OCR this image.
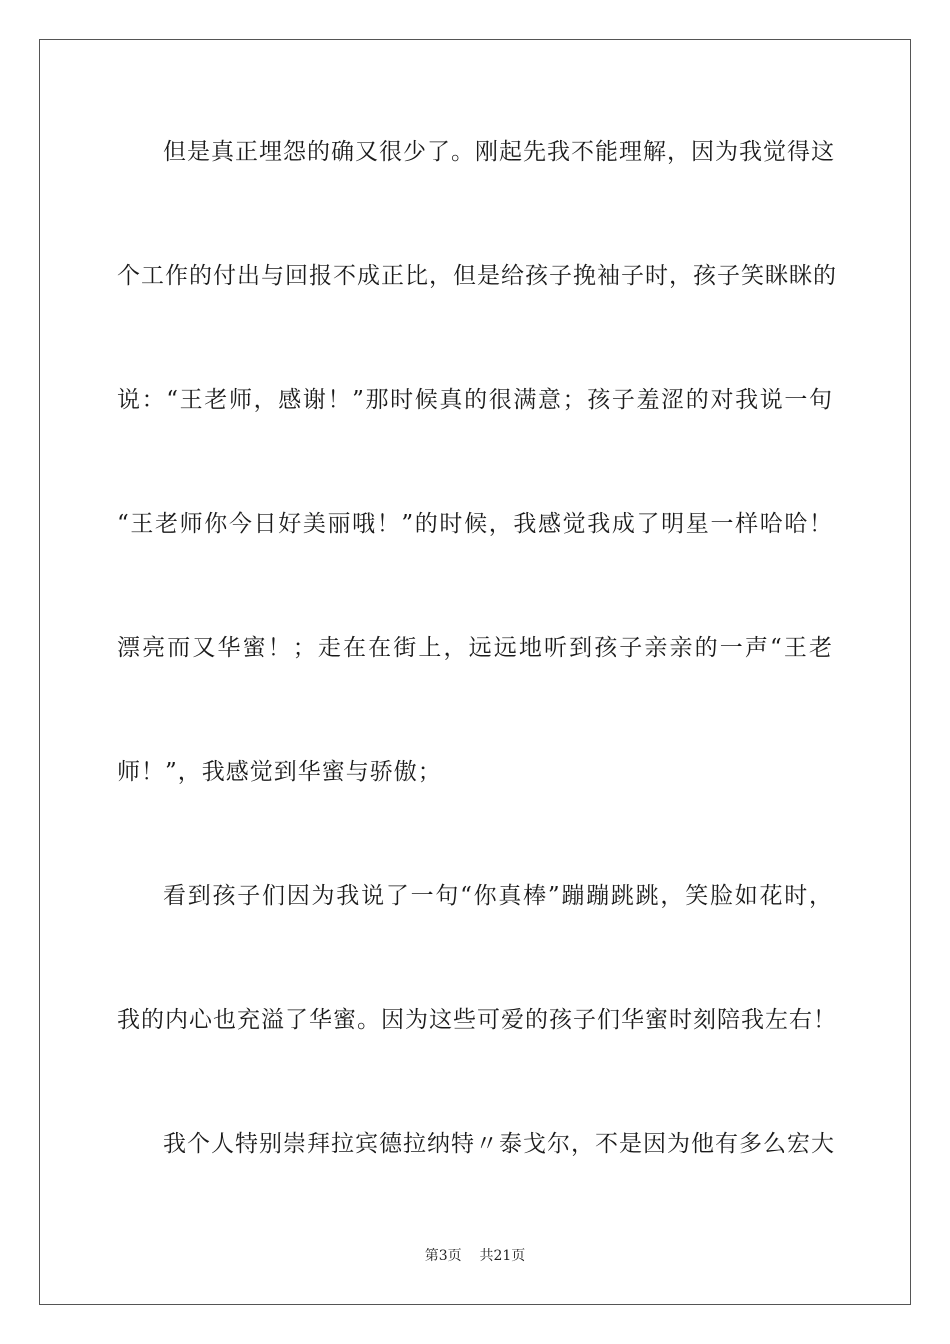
但是真正埋怨的确又很少了。刚起先我不能理解，因为我觉得这
个工作的付出与回报不成正比，但是给孩子挽袖子时，孩子笑眯眯的
说：“王老师，感谢！”那时候真的很满意；孩子羞涩的对我说一句
“王老师你今日好美丽哦！”的时候，我感觉我成了明星一样哈哈！
漂亮而又华蜜！；走在在街上，远远地听到孩子亲亲的一声“王老
师！”，我感觉到华蜜与骄傲；
看到孩子们因为我说了一句“你真棒”蹦蹦跳跳，笑脸如花时，
我的内心也充溢了华蜜。因为这些可爱的孩子们华蜜时刻陪我左右！
我个人特别崇拜拉宾德拉纳特〃泰戈尔，不是因为他有多么宏大
第3页    共21页
